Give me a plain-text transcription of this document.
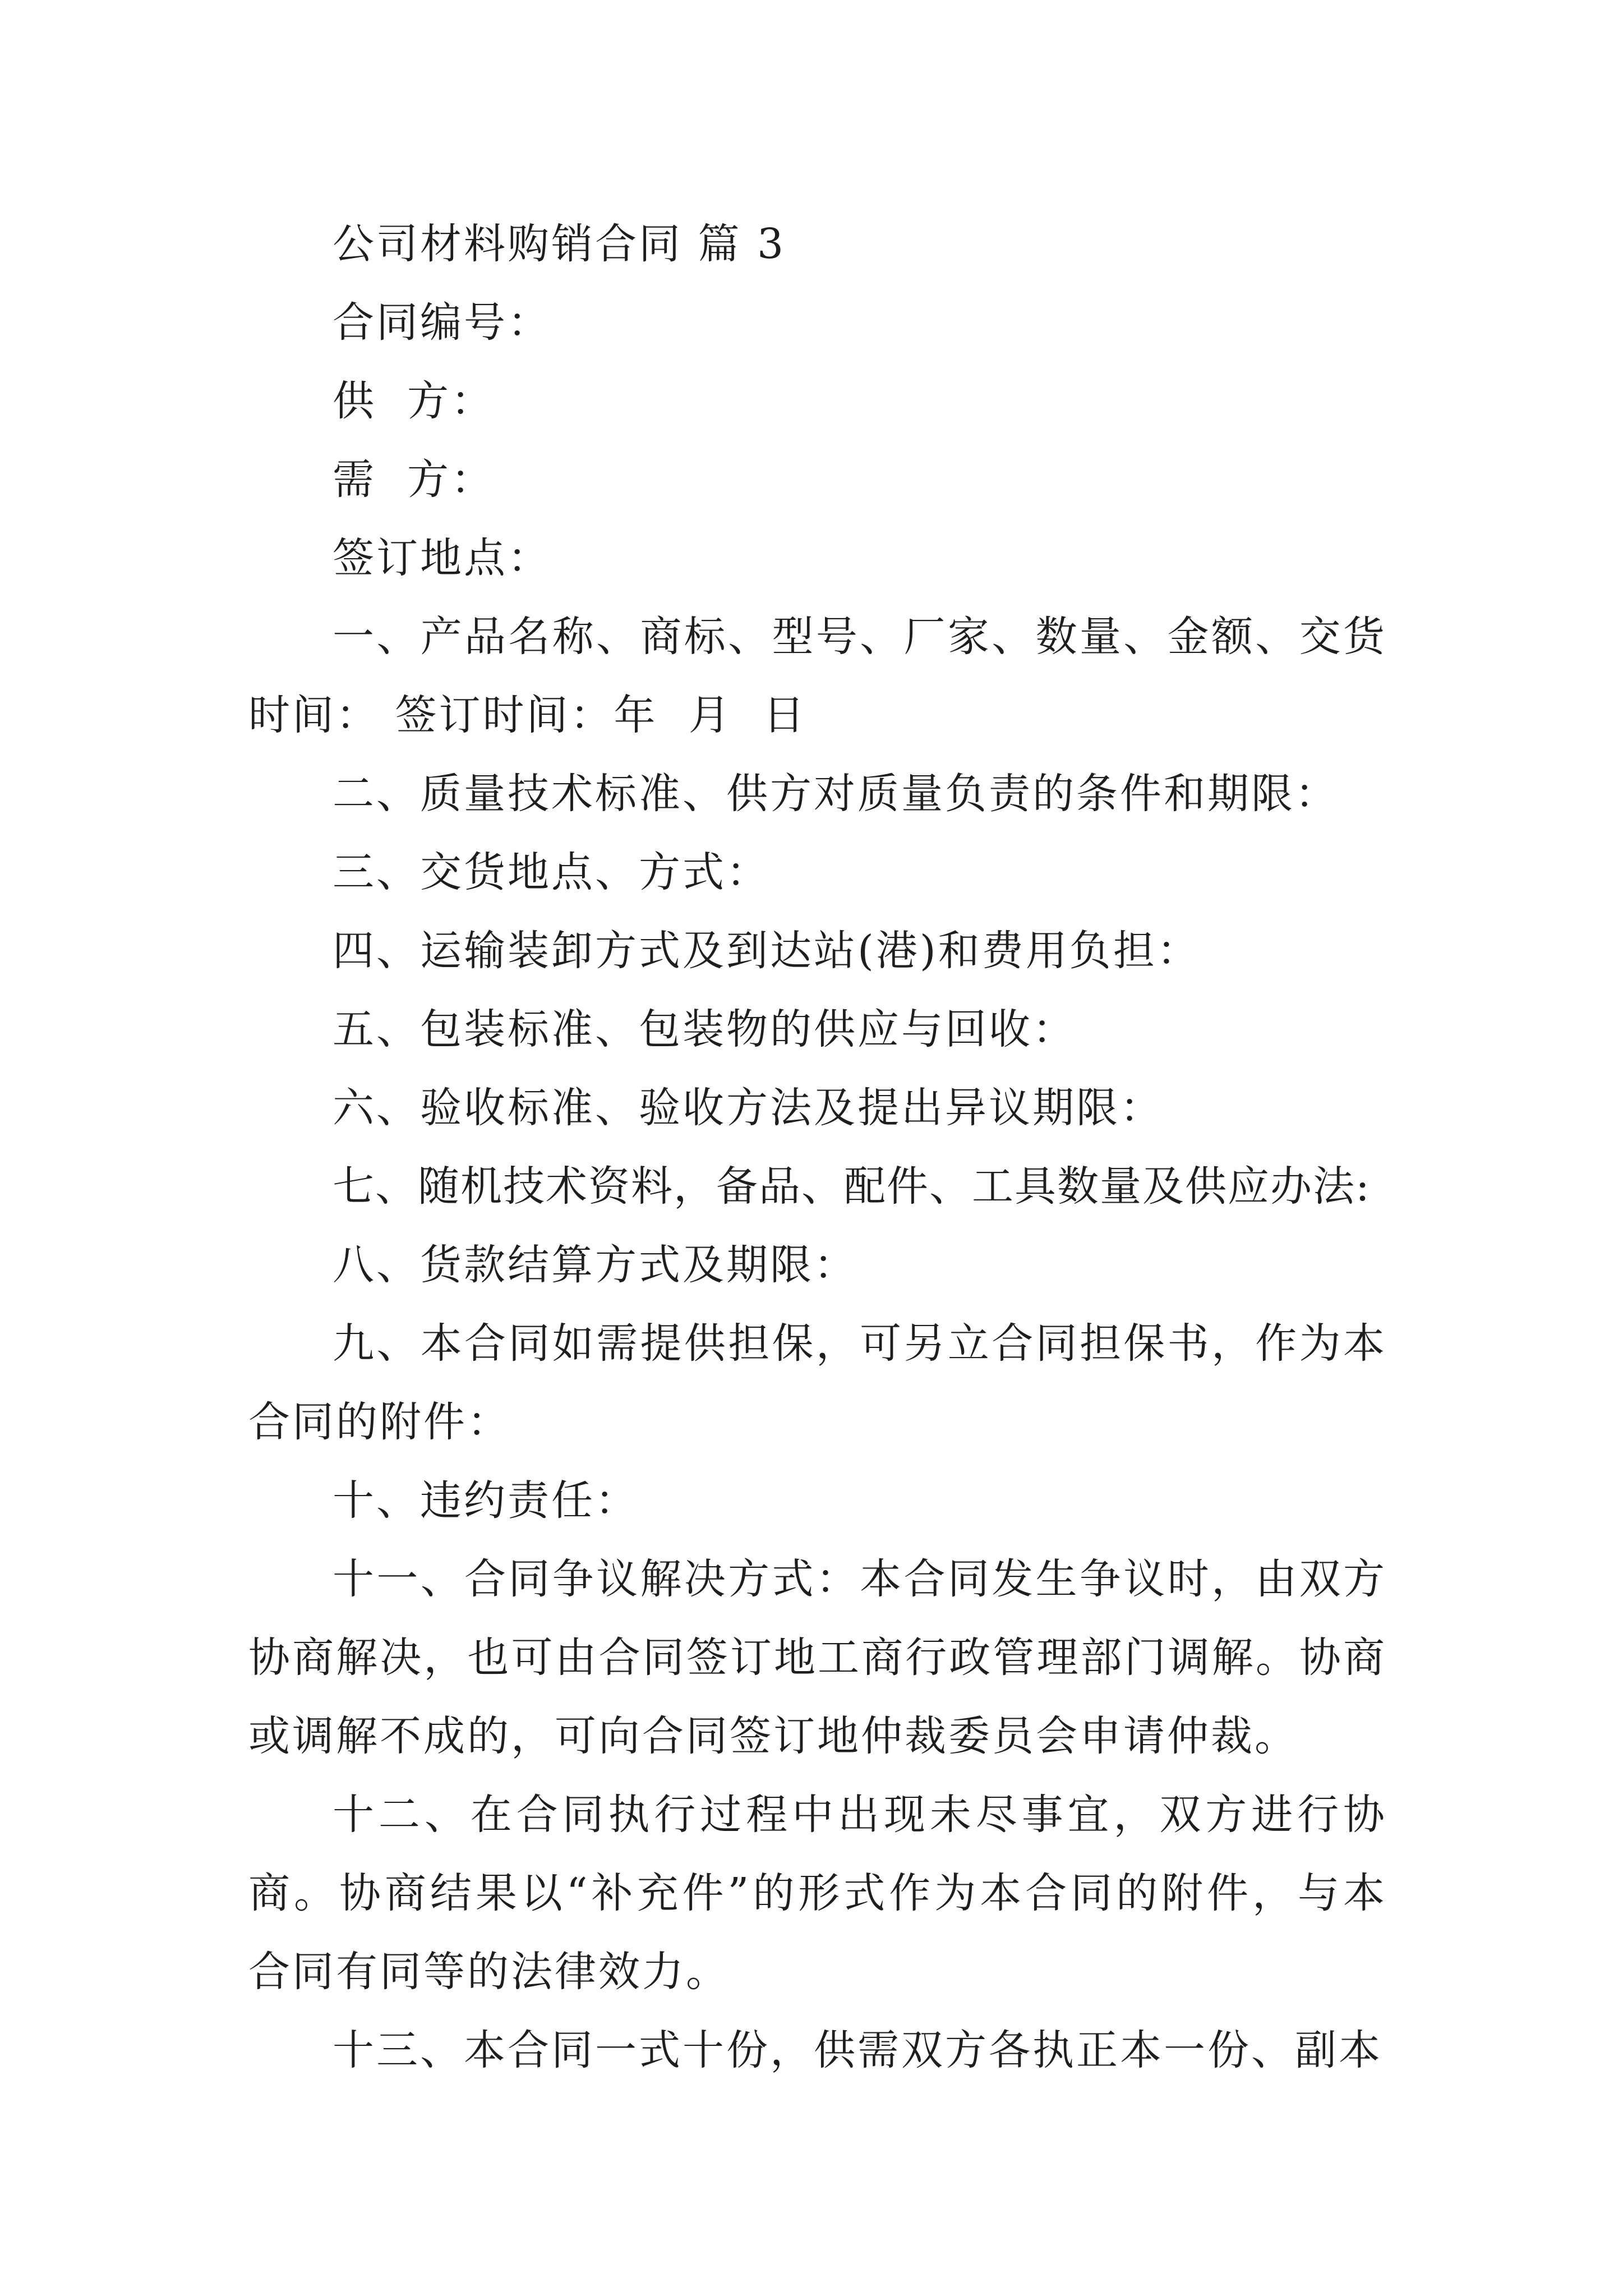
公司材料购销合同 篇 3

合同编号：

供  方：

需  方：

签订地点：

一、产品名称、商标、型号、厂家、数量、金额、交货时间： 签订时间：年  月  日

二、质量技术标准、供方对质量负责的条件和期限：

三、交货地点、方式：

四、运输装卸方式及到达站(港)和费用负担：

五、包装标准、包装物的供应与回收：

六、验收标准、验收方法及提出异议期限：

七、随机技术资料，备品、配件、工具数量及供应办法:

八、货款结算方式及期限：

九、本合同如需提供担保，可另立合同担保书，作为本合同的附件：

十、违约责任：

十一、合同争议解决方式：本合同发生争议时，由双方协商解决，也可由合同签订地工商行政管理部门调解。协商或调解不成的，可向合同签订地仲裁委员会申请仲裁。

十二、在合同执行过程中出现未尽事宜，双方进行协商。协商结果以“补充件”的形式作为本合同的附件，与本合同有同等的法律效力。

十三、本合同一式十份，供需双方各执正本一份、副本
